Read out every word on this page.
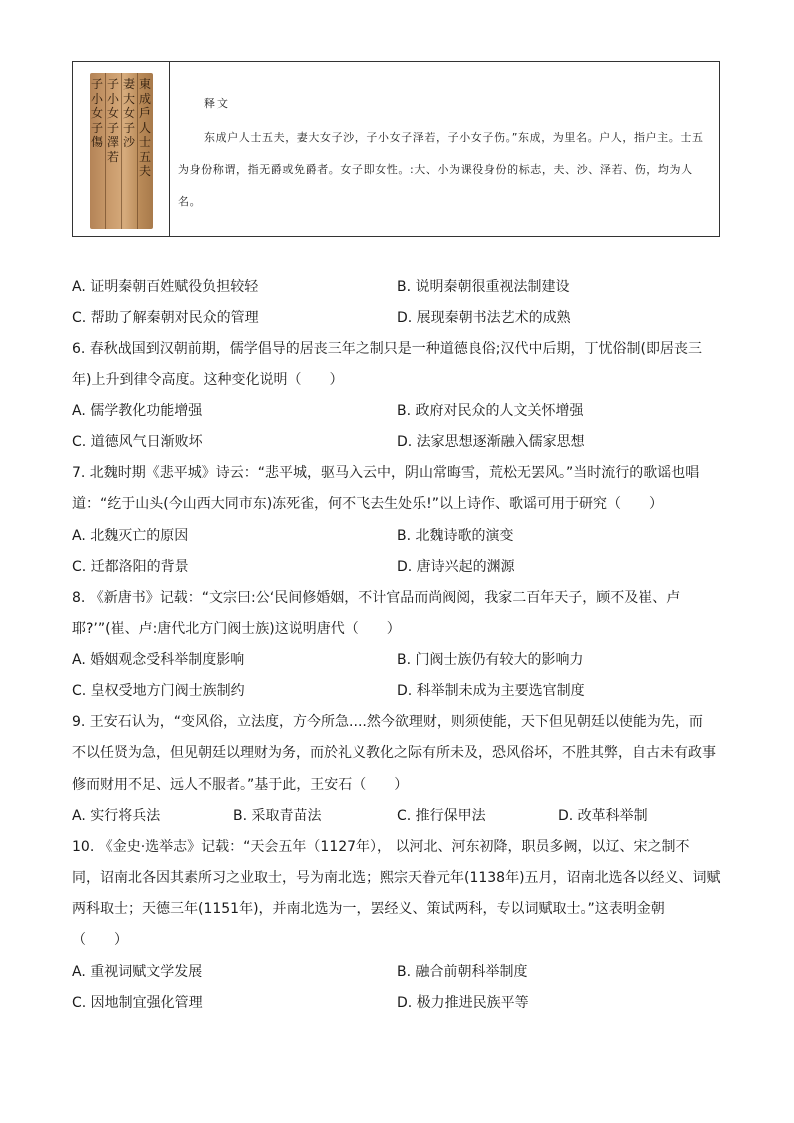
東成戶人士五夫
妻大女子沙
子小女子澤若
子小女子傷
释文
东成户人士五夫，妻大女子沙，子小女子泽若，子小女子伤。”东成，为里名。户人，指户主。士五为身份称谓，指无爵或免爵者。女子即女性。:大、小为课役身份的标志，夫、沙、泽若、伤，均为人名。
A. 证明秦朝百姓赋役负担较轻	B. 说明秦朝很重视法制建设
C. 帮助了解秦朝对民众的管理	D. 展现秦朝书法艺术的成熟
6. 春秋战国到汉朝前期，儒学倡导的居丧三年之制只是一种道德良俗;汉代中后期，丁忧俗制(即居丧三
年)上升到律令高度。这种变化说明（　　）
A. 儒学教化功能增强	B. 政府对民众的人文关怀增强
C. 道德风气日渐败坏	D. 法家思想逐渐融入儒家思想
7. 北魏时期《悲平城》诗云：“悲平城，驱马入云中，阴山常晦雪，荒松无罢风。”当时流行的歌谣也唱
道：“纥于山头(今山西大同市东)冻死雀，何不飞去生处乐!”以上诗作、歌谣可用于研究（　　）
A. 北魏灭亡的原因	B. 北魏诗歌的演变
C. 迁都洛阳的背景	D. 唐诗兴起的渊源
8. 《新唐书》记载：“文宗曰:公‘民间修婚姻，不计官品而尚阀阅，我家二百年天子，顾不及崔、卢
耶?’”(崔、卢:唐代北方门阀士族)这说明唐代（　　）
A. 婚姻观念受科举制度影响	B. 门阀士族仍有较大的影响力
C. 皇权受地方门阀士族制约	D. 科举制未成为主要选官制度
9. 王安石认为，“变风俗，立法度，方今所急....然今欲理财，则须使能，天下但见朝廷以使能为先，而
不以任贤为急，但见朝廷以理财为务，而於礼义教化之际有所未及，恐风俗坏，不胜其弊，自古未有政事
修而财用不足、远人不服者。”基于此，王安石（　　）
A. 实行将兵法	B. 采取青苗法	C. 推行保甲法	D. 改革科举制
10. 《金史·选举志》记载：“天会五年（1127年）， 以河北、河东初降，职员多阙，以辽、宋之制不
同，诏南北各因其素所习之业取士，号为南北选；熙宗天眷元年(1138年)五月，诏南北选各以经义、词赋
两科取士；天德三年(1151年)，并南北选为一，罢经义、策试两科，专以词赋取士。”这表明金朝
（　　）
A. 重视词赋文学发展	B. 融合前朝科举制度
C. 因地制宜强化管理	D. 极力推进民族平等
